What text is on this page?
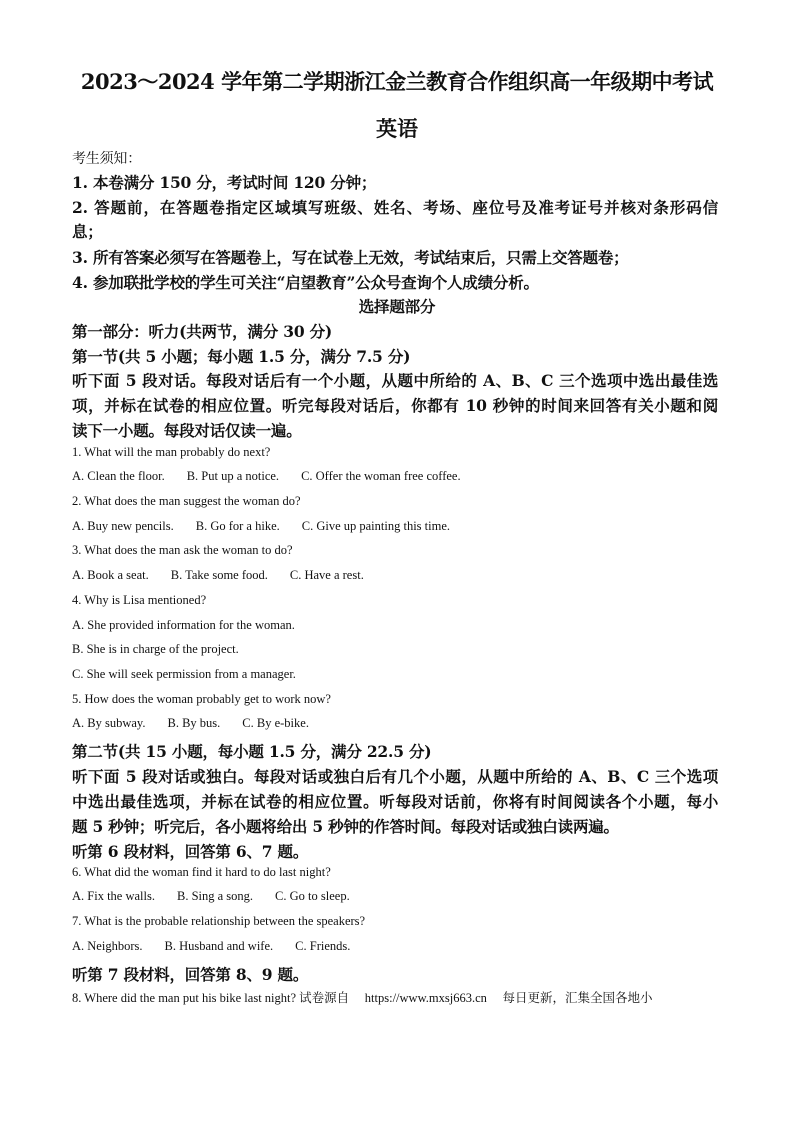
2023～2024 学年第二学期浙江金兰教育合作组织高一年级期中考试
英语
考生须知：
1. 本卷满分 150 分，考试时间 120 分钟；
2. 答题前，在答题卷指定区域填写班级、姓名、考场、座位号及准考证号并核对条形码信
息；
3. 所有答案必须写在答题卷上，写在试卷上无效，考试结束后，只需上交答题卷；
4. 参加联批学校的学生可关注“启望教育”公众号查询个人成绩分析。
选择题部分
第一部分：听力(共两节，满分 30 分)
第一节(共 5 小题；每小题 1.5 分，满分 7.5 分)
听下面 5 段对话。每段对话后有一个小题，从题中所给的 A、B、C 三个选项中选出最佳选
项，并标在试卷的相应位置。听完每段对话后，你都有 10 秒钟的时间来回答有关小题和阅
读下一小题。每段对话仅读一遍。
1. What will the man probably do next?
A. Clean the floor. B. Put up a notice. C. Offer the woman free coffee.
2. What does the man suggest the woman do?
A. Buy new pencils. B. Go for a hike. C. Give up painting this time.
3. What does the man ask the woman to do?
A. Book a seat. B. Take some food. C. Have a rest.
4. Why is Lisa mentioned?
A. She provided information for the woman.
B. She is in charge of the project.
C. She will seek permission from a manager.
5. How does the woman probably get to work now?
A. By subway. B. By bus. C. By e-bike.
第二节(共 15 小题，每小题 1.5 分，满分 22.5 分)
听下面 5 段对话或独白。每段对话或独白后有几个小题，从题中所给的 A、B、C 三个选项
中选出最佳选项，并标在试卷的相应位置。听每段对话前，你将有时间阅读各个小题，每小
题 5 秒钟；听完后，各小题将给出 5 秒钟的作答时间。每段对话或独白读两遍。
听第 6 段材料，回答第 6、7 题。
6. What did the woman find it hard to do last night?
A. Fix the walls. B. Sing a song. C. Go to sleep.
7. What is the probable relationship between the speakers?
A. Neighbors. B. Husband and wife. C. Friends.
听第 7 段材料，回答第 8、9 题。
8. Where did the man put his bike last night? 试卷源自　 https://www.mxsj663.cn　 每日更新，汇集全国各地小
